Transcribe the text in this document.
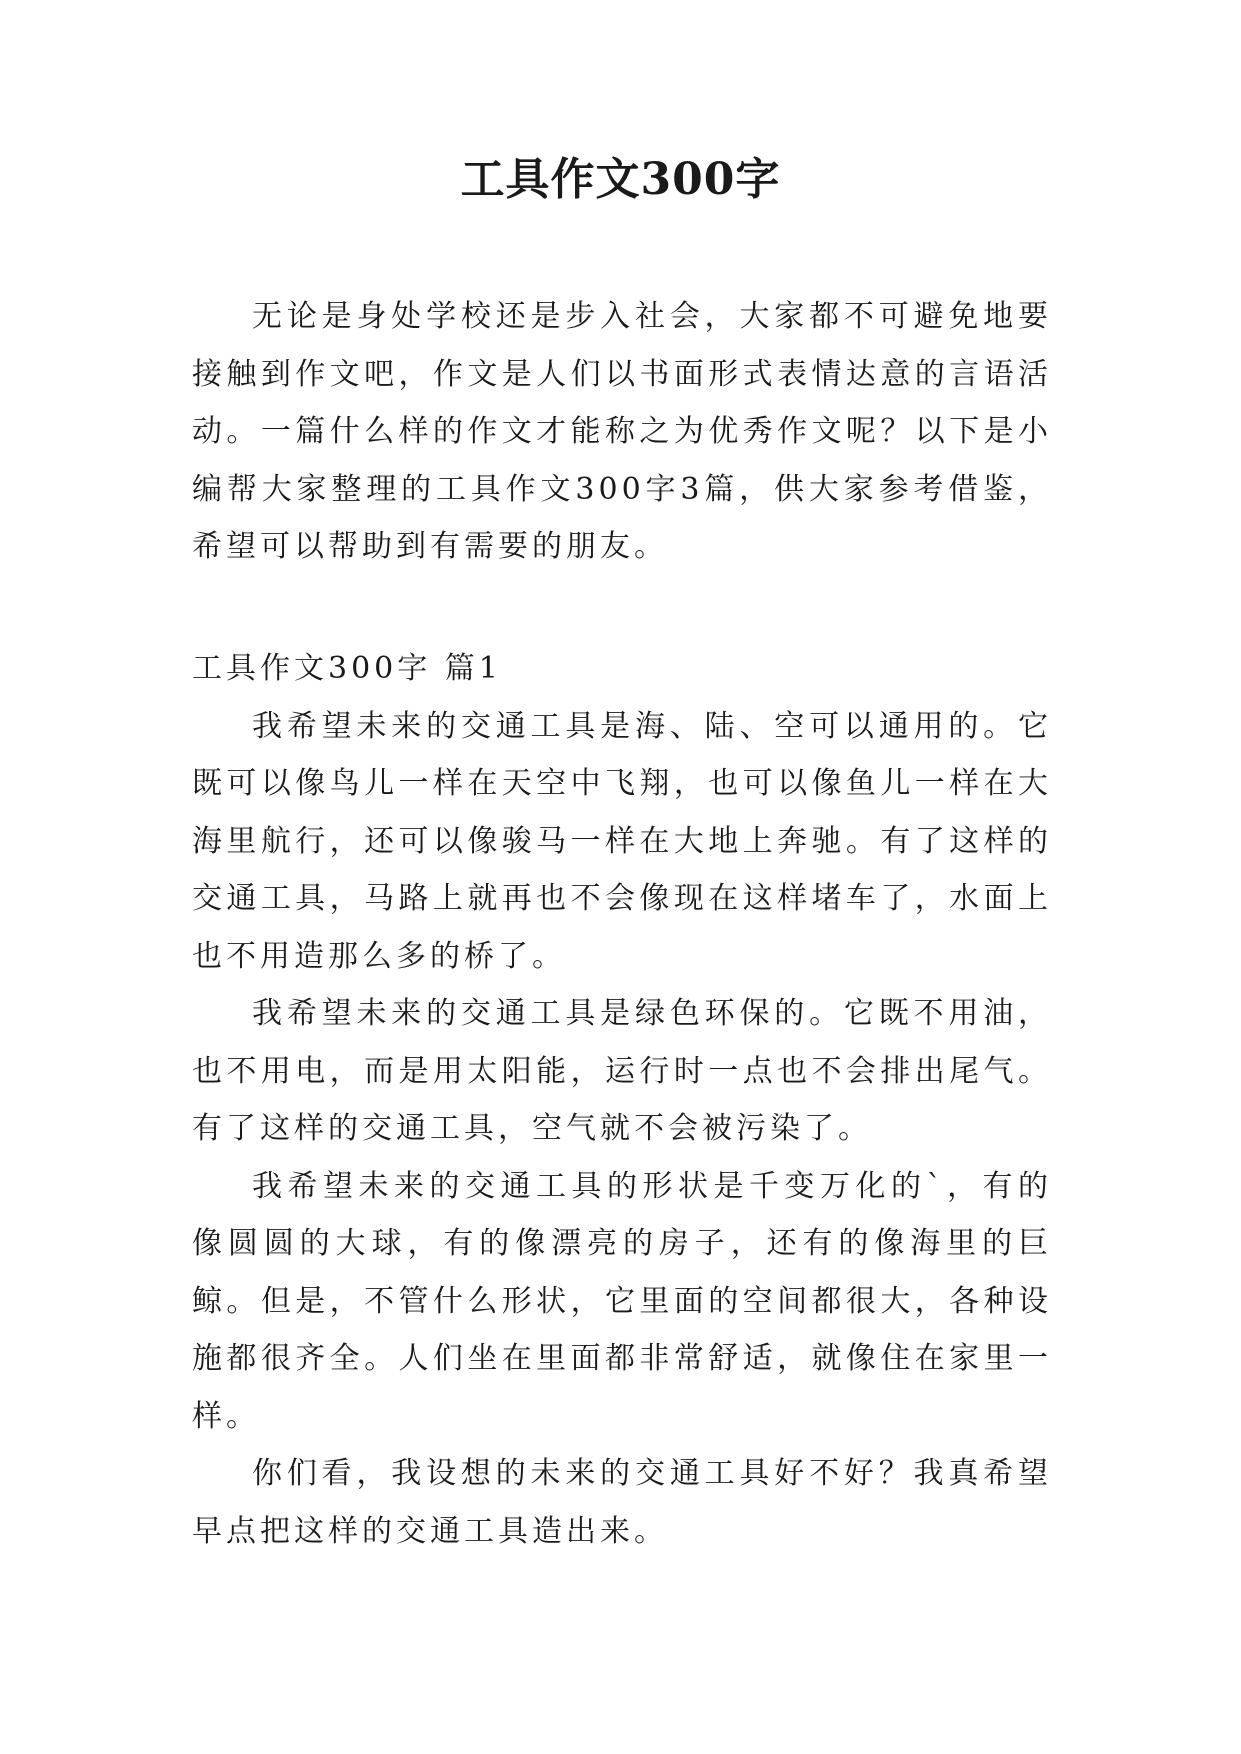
工具作文300字

无论是身处学校还是步入社会，大家都不可避免地要接触到作文吧，作文是人们以书面形式表情达意的言语活动。一篇什么样的作文才能称之为优秀作文呢？以下是小编帮大家整理的工具作文300字3篇，供大家参考借鉴，希望可以帮助到有需要的朋友。

工具作文300字 篇1

我希望未来的交通工具是海、陆、空可以通用的。它既可以像鸟儿一样在天空中飞翔，也可以像鱼儿一样在大海里航行，还可以像骏马一样在大地上奔驰。有了这样的交通工具，马路上就再也不会像现在这样堵车了，水面上也不用造那么多的桥了。

我希望未来的交通工具是绿色环保的。它既不用油，也不用电，而是用太阳能，运行时一点也不会排出尾气。有了这样的交通工具，空气就不会被污染了。

我希望未来的交通工具的形状是千变万化的`，有的像圆圆的大球，有的像漂亮的房子，还有的像海里的巨鲸。但是，不管什么形状，它里面的空间都很大，各种设施都很齐全。人们坐在里面都非常舒适，就像住在家里一样。

你们看，我设想的未来的交通工具好不好？我真希望早点把这样的交通工具造出来。
